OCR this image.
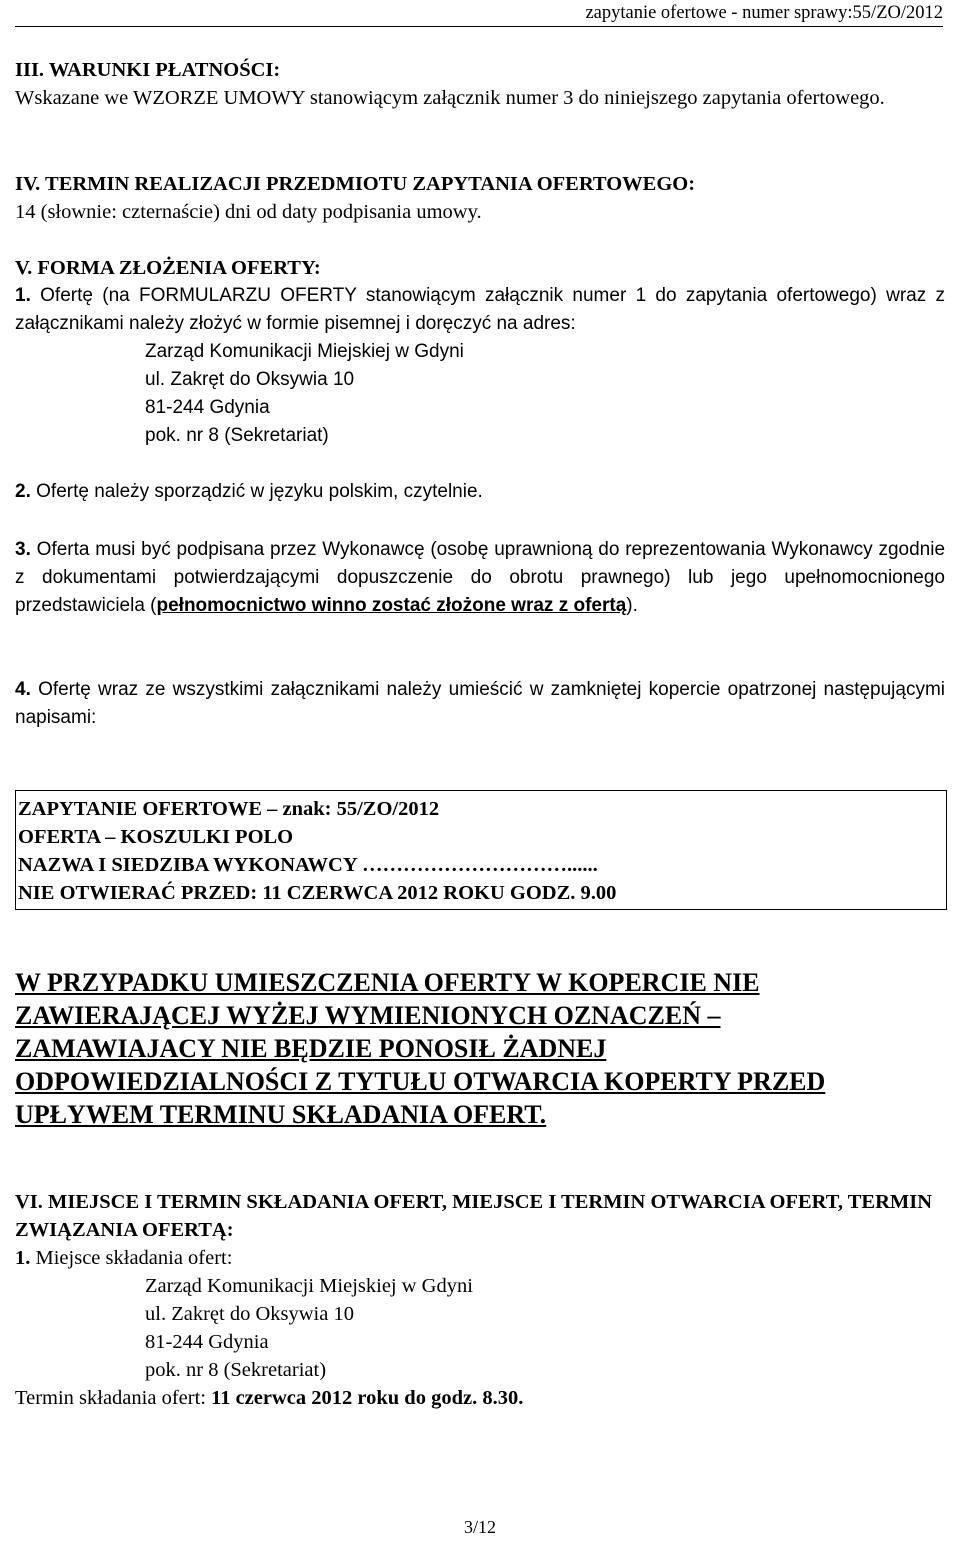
zapytanie ofertowe - numer sprawy:55/ZO/2012

III. WARUNKI PŁATNOŚCI:

Wskazane we WZORZE UMOWY stanowiącym załącznik numer 3 do niniejszego zapytania ofertowego.

IV. TERMIN REALIZACJI PRZEDMIOTU ZAPYTANIA OFERTOWEGO:

14 (słownie: czternaście) dni od daty podpisania umowy.

V. FORMA ZŁOŻENIA OFERTY:

1. Ofertę (na FORMULARZU OFERTY stanowiącym załącznik numer 1 do zapytania ofertowego) wraz z załącznikami należy złożyć w formie pisemnej i doręczyć na adres:

Zarząd Komunikacji Miejskiej w Gdyni

ul. Zakręt do Oksywia 10

81-244 Gdynia

pok. nr 8 (Sekretariat)

2. Ofertę należy sporządzić w języku polskim, czytelnie.

3. Oferta musi być podpisana przez Wykonawcę (osobę uprawnioną do reprezentowania Wykonawcy zgodnie z dokumentami potwierdzającymi dopuszczenie do obrotu prawnego) lub jego upełnomocnionego przedstawiciela (pełnomocnictwo winno zostać złożone wraz z ofertą).

4. Ofertę wraz ze wszystkimi załącznikami należy umieścić w zamkniętej kopercie opatrzonej następującymi napisami:

ZAPYTANIE OFERTOWE – znak: 55/ZO/2012

OFERTA – KOSZULKI POLO

NAZWA I SIEDZIBA WYKONAWCY …………………………......

NIE OTWIERAĆ PRZED: 11 CZERWCA 2012 ROKU GODZ. 9.00

W PRZYPADKU UMIESZCZENIA OFERTY W KOPERCIE NIE

ZAWIERAJĄCEJ WYŻEJ WYMIENIONYCH OZNACZEŃ –

ZAMAWIAJACY NIE BĘDZIE PONOSIŁ ŻADNEJ

ODPOWIEDZIALNOŚCI Z TYTUŁU OTWARCIA KOPERTY PRZED

UPŁYWEM TERMINU SKŁADANIA OFERT.

VI. MIEJSCE I TERMIN SKŁADANIA OFERT, MIEJSCE I TERMIN OTWARCIA OFERT, TERMIN ZWIĄZANIA OFERTĄ:

1. Miejsce składania ofert:

Zarząd Komunikacji Miejskiej w Gdyni

ul. Zakręt do Oksywia 10

81-244 Gdynia

pok. nr 8 (Sekretariat)

Termin składania ofert: 11 czerwca 2012 roku do godz. 8.30.

3/12
